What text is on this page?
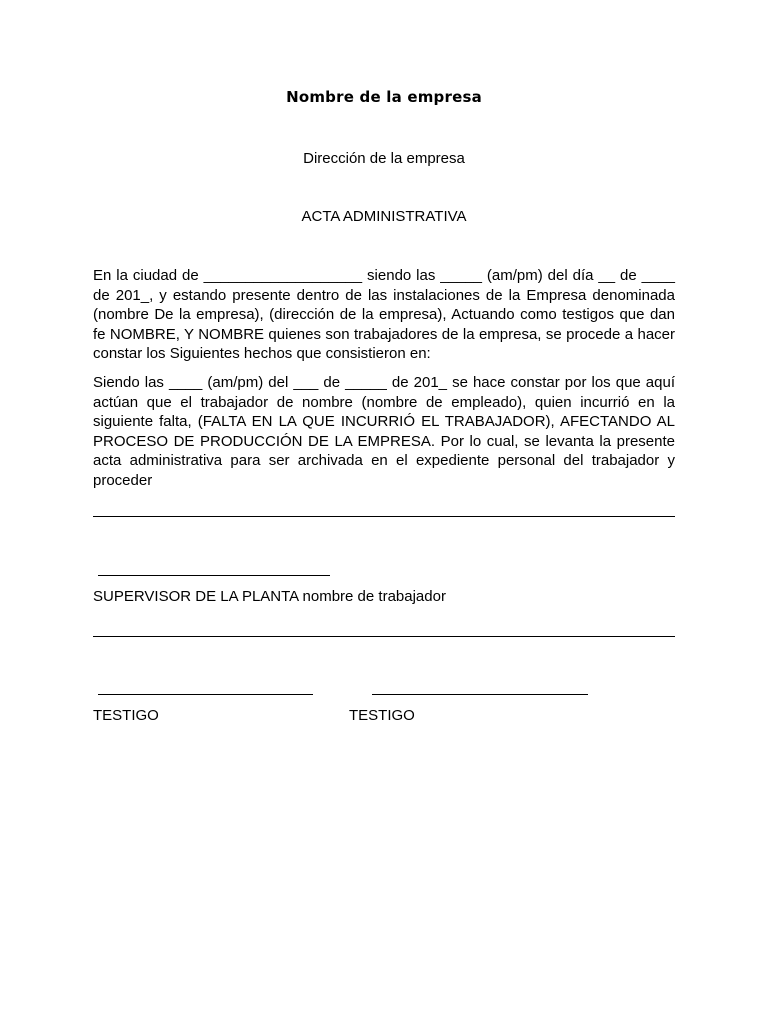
Nombre de la empresa
Dirección de la empresa
ACTA ADMINISTRATIVA

En la ciudad de ___________________ siendo las _____ (am/pm) del día __ de ____ de 201_, y estando presente dentro de las instalaciones de la Empresa denominada (nombre De la empresa), (dirección de la empresa), Actuando como testigos que dan fe NOMBRE, Y NOMBRE quienes son trabajadores de la empresa, se procede a hacer constar los Siguientes hechos que consistieron en:

Siendo las ____ (am/pm) del ___ de _____ de 201_ se hace constar por los que aquí actúan que el trabajador de nombre (nombre de empleado), quien incurrió en la siguiente falta, (FALTA EN LA QUE INCURRIÓ EL TRABAJADOR), AFECTANDO AL PROCESO DE PRODUCCIÓN DE LA EMPRESA. Por lo cual, se levanta la presente acta administrativa para ser archivada en el expediente personal del trabajador y proceder

SUPERVISOR DE LA PLANTA nombre de trabajador
TESTIGO	TESTIGO
